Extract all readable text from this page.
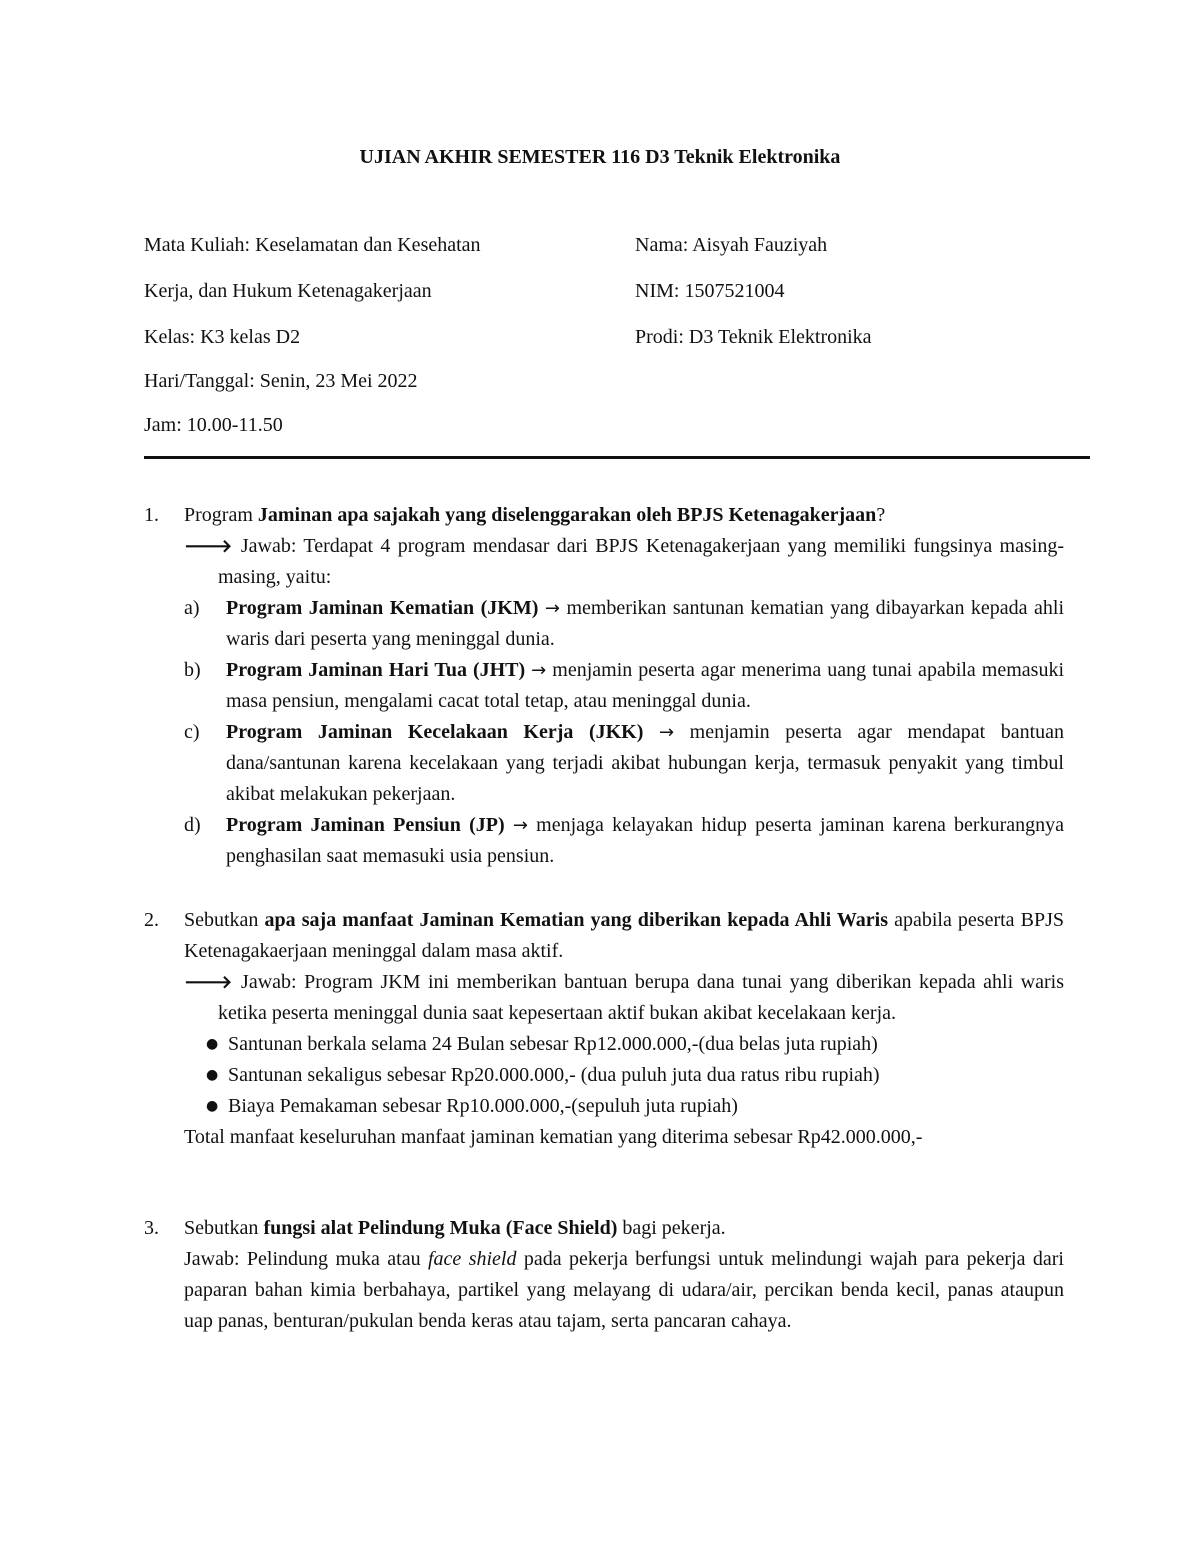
UJIAN AKHIR SEMESTER 116 D3 Teknik Elektronika
Mata Kuliah: Keselamatan dan Kesehatan
Kerja, dan Hukum Ketenagakerjaan
Kelas: K3 kelas D2
Hari/Tanggal: Senin, 23 Mei 2022
Jam: 10.00-11.50
Nama: Aisyah Fauziyah
NIM: 1507521004
Prodi: D3 Teknik Elektronika
1.	Program Jaminan apa sajakah yang diselenggarakan oleh BPJS Ketenagakerjaan?
🡒 Jawab: Terdapat 4 program mendasar dari BPJS Ketenagakerjaan yang memiliki fungsinya masing-masing, yaitu:
a) Program Jaminan Kematian (JKM) → memberikan santunan kematian yang dibayarkan kepada ahli waris dari peserta yang meninggal dunia.
b) Program Jaminan Hari Tua (JHT) → menjamin peserta agar menerima uang tunai apabila memasuki masa pensiun, mengalami cacat total tetap, atau meninggal dunia.
c) Program Jaminan Kecelakaan Kerja (JKK) → menjamin peserta agar mendapat bantuan dana/santunan karena kecelakaan yang terjadi akibat hubungan kerja, termasuk penyakit yang timbul akibat melakukan pekerjaan.
d) Program Jaminan Pensiun (JP) → menjaga kelayakan hidup peserta jaminan karena berkurangnya penghasilan saat memasuki usia pensiun.
2.	Sebutkan apa saja manfaat Jaminan Kematian yang diberikan kepada Ahli Waris apabila peserta BPJS Ketenagakaerjaan meninggal dalam masa aktif.
🡒 Jawab: Program JKM ini memberikan bantuan berupa dana tunai yang diberikan kepada ahli waris ketika peserta meninggal dunia saat kepesertaan aktif bukan akibat kecelakaan kerja.
● Santunan berkala selama 24 Bulan sebesar Rp12.000.000,-(dua belas juta rupiah)
● Santunan sekaligus sebesar Rp20.000.000,- (dua puluh juta dua ratus ribu rupiah)
● Biaya Pemakaman sebesar Rp10.000.000,-(sepuluh juta rupiah)
Total manfaat keseluruhan manfaat jaminan kematian yang diterima sebesar Rp42.000.000,-
3.	Sebutkan fungsi alat Pelindung Muka (Face Shield) bagi pekerja.
Jawab: Pelindung muka atau face shield pada pekerja berfungsi untuk melindungi wajah para pekerja dari paparan bahan kimia berbahaya, partikel yang melayang di udara/air, percikan benda kecil, panas ataupun uap panas, benturan/pukulan benda keras atau tajam, serta pancaran cahaya.
